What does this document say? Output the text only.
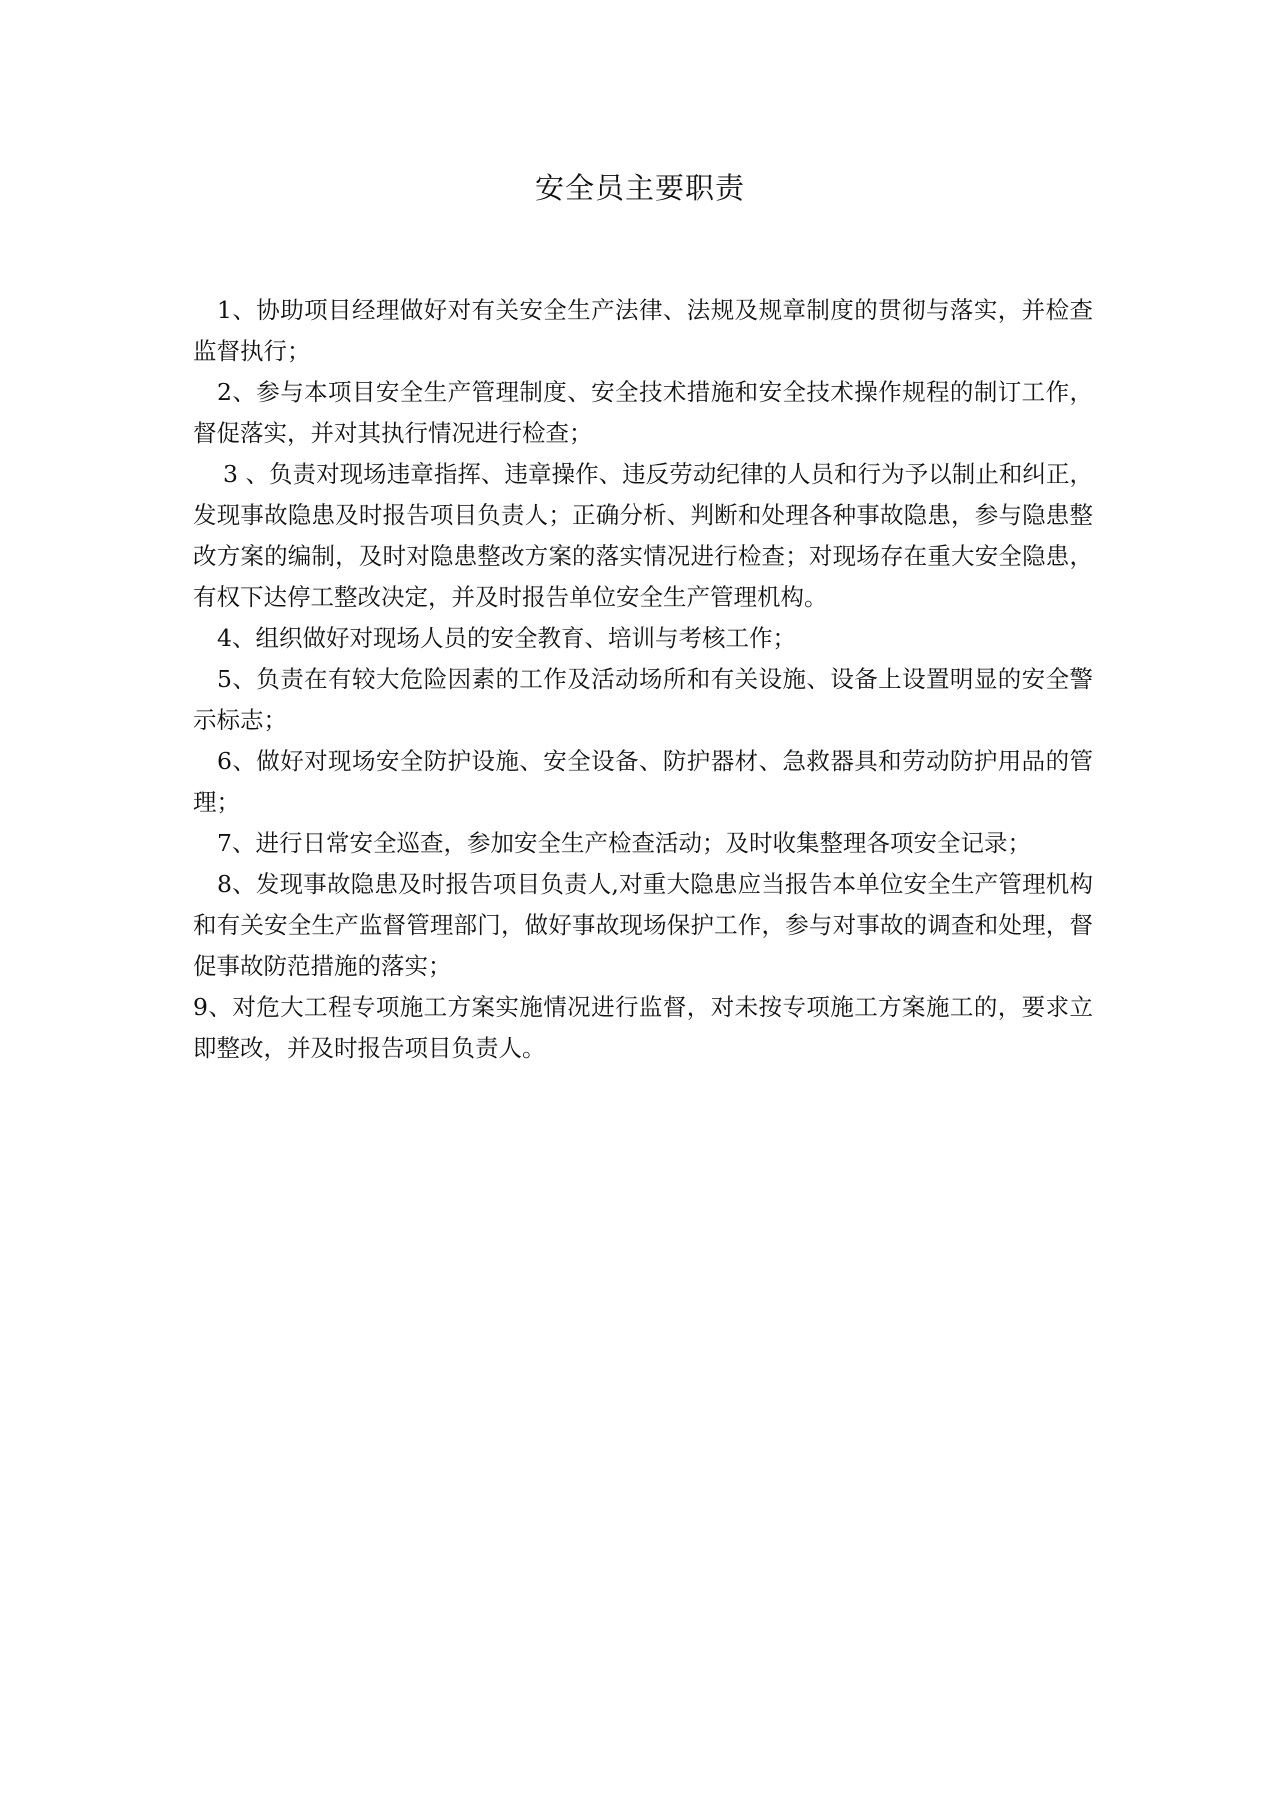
安全员主要职责

1、协助项目经理做好对有关安全生产法律、法规及规章制度的贯彻与落实，并检查监督执行；

2、参与本项目安全生产管理制度、安全技术措施和安全技术操作规程的制订工作，督促落实，并对其执行情况进行检查；

3 、负责对现场违章指挥、违章操作、违反劳动纪律的人员和行为予以制止和纠正，发现事故隐患及时报告项目负责人；正确分析、判断和处理各种事故隐患，参与隐患整改方案的编制，及时对隐患整改方案的落实情况进行检查；对现场存在重大安全隐患，有权下达停工整改决定，并及时报告单位安全生产管理机构。

4、组织做好对现场人员的安全教育、培训与考核工作；

5、负责在有较大危险因素的工作及活动场所和有关设施、设备上设置明显的安全警示标志；

6、做好对现场安全防护设施、安全设备、防护器材、急救器具和劳动防护用品的管理；

7、进行日常安全巡查，参加安全生产检查活动；及时收集整理各项安全记录；

8、发现事故隐患及时报告项目负责人,对重大隐患应当报告本单位安全生产管理机构和有关安全生产监督管理部门，做好事故现场保护工作，参与对事故的调查和处理，督促事故防范措施的落实；

9、对危大工程专项施工方案实施情况进行监督，对未按专项施工方案施工的，要求立即整改，并及时报告项目负责人。
